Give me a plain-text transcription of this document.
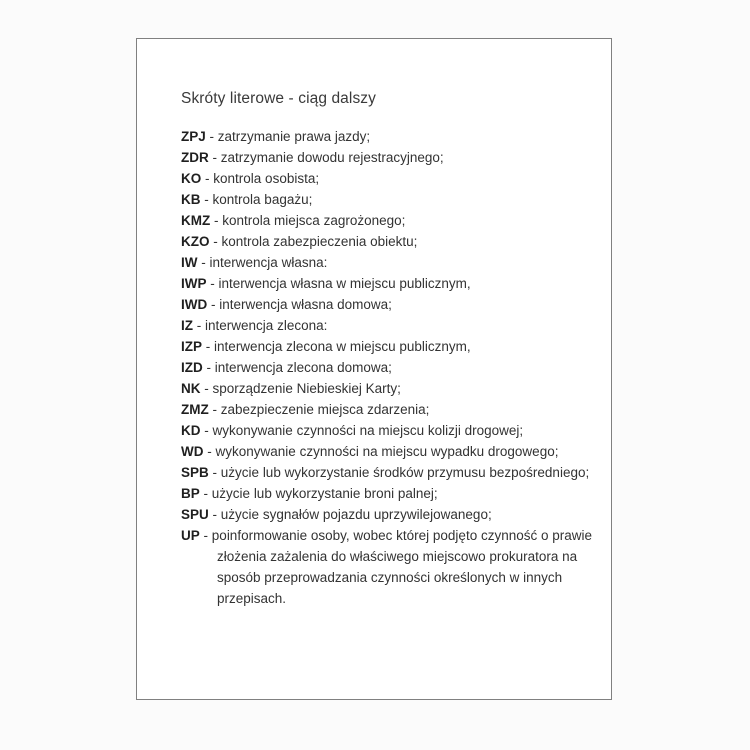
Skróty literowe - ciąg dalszy
ZPJ - zatrzymanie prawa jazdy;
ZDR - zatrzymanie dowodu rejestracyjnego;
KO - kontrola osobista;
KB - kontrola bagażu;
KMZ - kontrola miejsca zagrożonego;
KZO - kontrola zabezpieczenia obiektu;
IW - interwencja własna:
IWP - interwencja własna w miejscu publicznym,
IWD - interwencja własna domowa;
IZ - interwencja zlecona:
IZP - interwencja zlecona w miejscu publicznym,
IZD - interwencja zlecona domowa;
NK - sporządzenie Niebieskiej Karty;
ZMZ - zabezpieczenie miejsca zdarzenia;
KD - wykonywanie czynności na miejscu kolizji drogowej;
WD - wykonywanie czynności na miejscu wypadku drogowego;
SPB - użycie lub wykorzystanie środków przymusu bezpośredniego;
BP - użycie lub wykorzystanie broni palnej;
SPU - użycie sygnałów pojazdu uprzywilejowanego;
UP - poinformowanie osoby, wobec której podjęto czynność o prawie złożenia zażalenia do właściwego miejscowo prokuratora na sposób przeprowadzania czynności określonych w innych przepisach.
